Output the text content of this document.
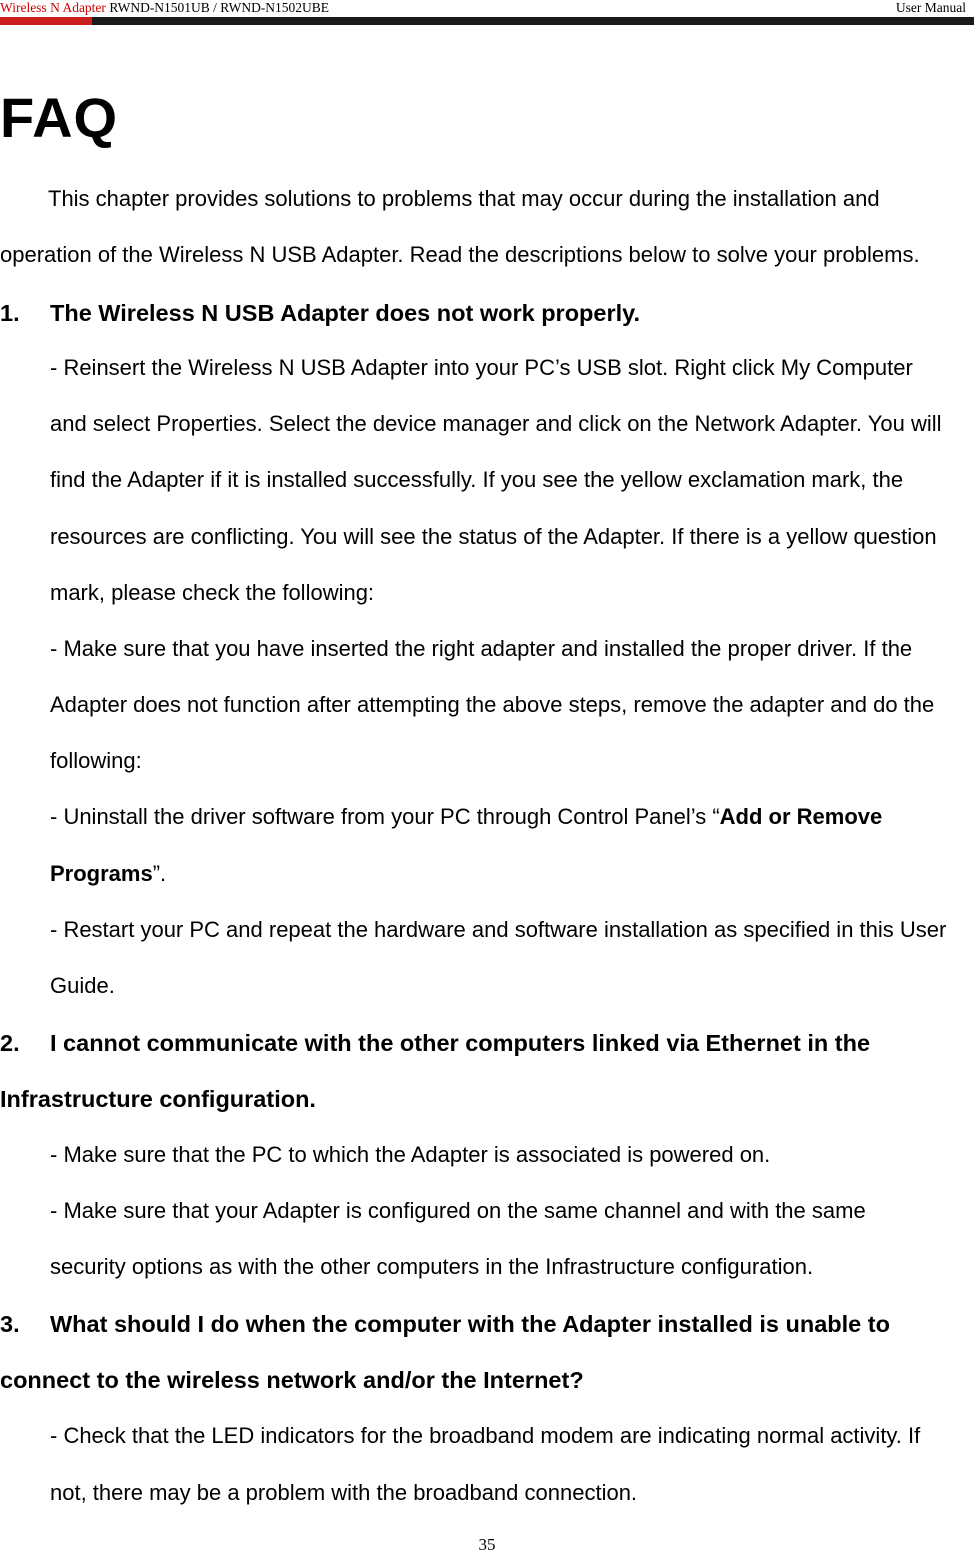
Wireless N Adapter RWND-N1501UB / RWND-N1502UBE	User Manual
FAQ
This chapter provides solutions to problems that may occur during the installation and
operation of the Wireless N USB Adapter. Read the descriptions below to solve your problems.
1. The Wireless N USB Adapter does not work properly.
- Reinsert the Wireless N USB Adapter into your PC’s USB slot. Right click My Computer
and select Properties. Select the device manager and click on the Network Adapter. You will
find the Adapter if it is installed successfully. If you see the yellow exclamation mark, the
resources are conflicting. You will see the status of the Adapter. If there is a yellow question
mark, please check the following:
- Make sure that you have inserted the right adapter and installed the proper driver. If the
Adapter does not function after attempting the above steps, remove the adapter and do the
following:
- Uninstall the driver software from your PC through Control Panel’s “Add or Remove
Programs”.
- Restart your PC and repeat the hardware and software installation as specified in this User
Guide.
2. I cannot communicate with the other computers linked via Ethernet in the
Infrastructure configuration.
- Make sure that the PC to which the Adapter is associated is powered on.
- Make sure that your Adapter is configured on the same channel and with the same
security options as with the other computers in the Infrastructure configuration.
3. What should I do when the computer with the Adapter installed is unable to
connect to the wireless network and/or the Internet?
- Check that the LED indicators for the broadband modem are indicating normal activity. If
not, there may be a problem with the broadband connection.
35
